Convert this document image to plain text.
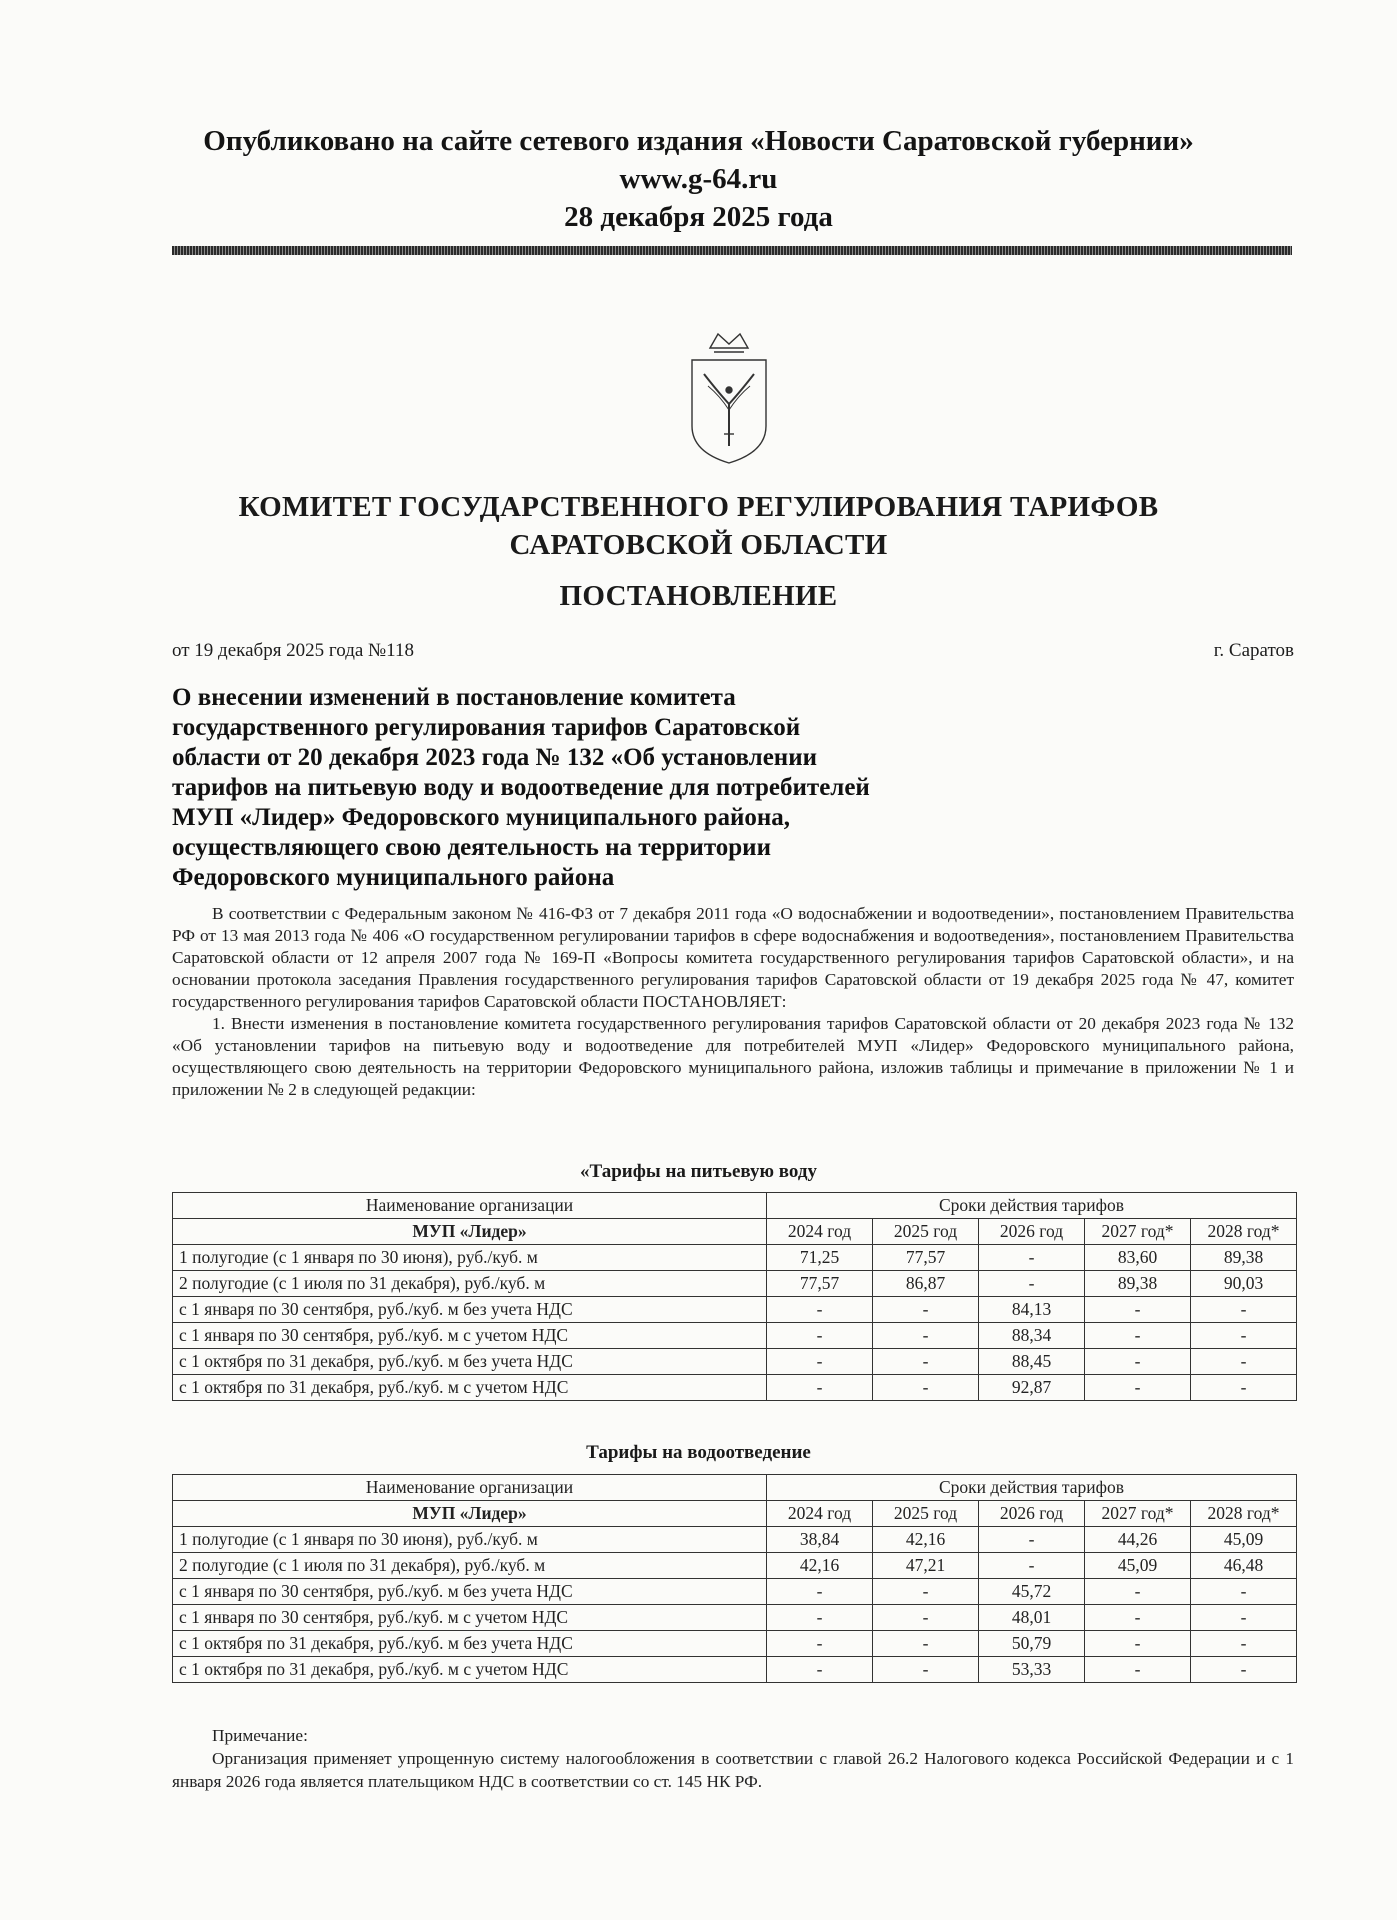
Опубликовано на сайте сетевого издания «Новости Саратовской губернии»
www.g-64.ru
28 декабря 2025 года
КОМИТЕТ ГОСУДАРСТВЕННОГО РЕГУЛИРОВАНИЯ ТАРИФОВ
САРАТОВСКОЙ ОБЛАСТИ
ПОСТАНОВЛЕНИЕ
от 19 декабря 2025 года №118	г. Саратов
О внесении изменений в постановление комитета
государственного регулирования тарифов Саратовской
области от 20 декабря 2023 года № 132 «Об установлении
тарифов на питьевую воду и водоотведение для потребителей
МУП «Лидер» Федоровского муниципального района,
осуществляющего свою деятельность на территории
Федоровского муниципального района

В соответствии с Федеральным законом № 416-ФЗ от 7 декабря 2011 года «О водоснабжении и водоотведении», постановлением Правительства РФ от 13 мая 2013 года № 406 «О государственном регулировании тарифов в сфере водоснабжения и водоотведения», постановлением Правительства Саратовской области от 12 апреля 2007 года № 169-П «Вопросы комитета государственного регулирования тарифов Саратовской области», и на основании протокола заседания Правления государственного регулирования тарифов Саратовской области от 19 декабря 2025 года № 47, комитет государственного регулирования тарифов Саратовской области ПОСТАНОВЛЯЕТ:

1. Внести изменения в постановление комитета государственного регулирования тарифов Саратовской области от 20 декабря 2023 года № 132 «Об установлении тарифов на питьевую воду и водоотведение для потребителей МУП «Лидер» Федоровского муниципального района, осуществляющего свою деятельность на территории Федоровского муниципального района, изложив таблицы и примечание в приложении № 1 и приложении № 2 в следующей редакции:

«Тарифы на питьевую воду
Наименование организации	Сроки действия тарифов				
МУП «Лидер»	2024 год	2025 год	2026 год	2027 год*	2028 год*
1 полугодие (с 1 января по 30 июня), руб./куб. м	71,25	77,57	-	83,60	89,38
2 полугодие (с 1 июля по 31 декабря), руб./куб. м	77,57	86,87	-	89,38	90,03
с 1 января по 30 сентября, руб./куб. м без учета НДС	-	-	84,13	-	-
с 1 января по 30 сентября, руб./куб. м с учетом НДС	-	-	88,34	-	-
с 1 октября по 31 декабря, руб./куб. м без учета НДС	-	-	88,45	-	-
с 1 октября по 31 декабря, руб./куб. м с учетом НДС	-	-	92,87	-	-
Тарифы на водоотведение
Наименование организации	Сроки действия тарифов				
МУП «Лидер»	2024 год	2025 год	2026 год	2027 год*	2028 год*
1 полугодие (с 1 января по 30 июня), руб./куб. м	38,84	42,16	-	44,26	45,09
2 полугодие (с 1 июля по 31 декабря), руб./куб. м	42,16	47,21	-	45,09	46,48
с 1 января по 30 сентября, руб./куб. м без учета НДС	-	-	45,72	-	-
с 1 января по 30 сентября, руб./куб. м с учетом НДС	-	-	48,01	-	-
с 1 октября по 31 декабря, руб./куб. м без учета НДС	-	-	50,79	-	-
с 1 октября по 31 декабря, руб./куб. м с учетом НДС	-	-	53,33	-	-

Примечание:

Организация применяет упрощенную систему налогообложения в соответствии с главой 26.2 Налогового кодекса Российской Федерации и с 1 января 2026 года является плательщиком НДС в соответствии со ст. 145 НК РФ.
